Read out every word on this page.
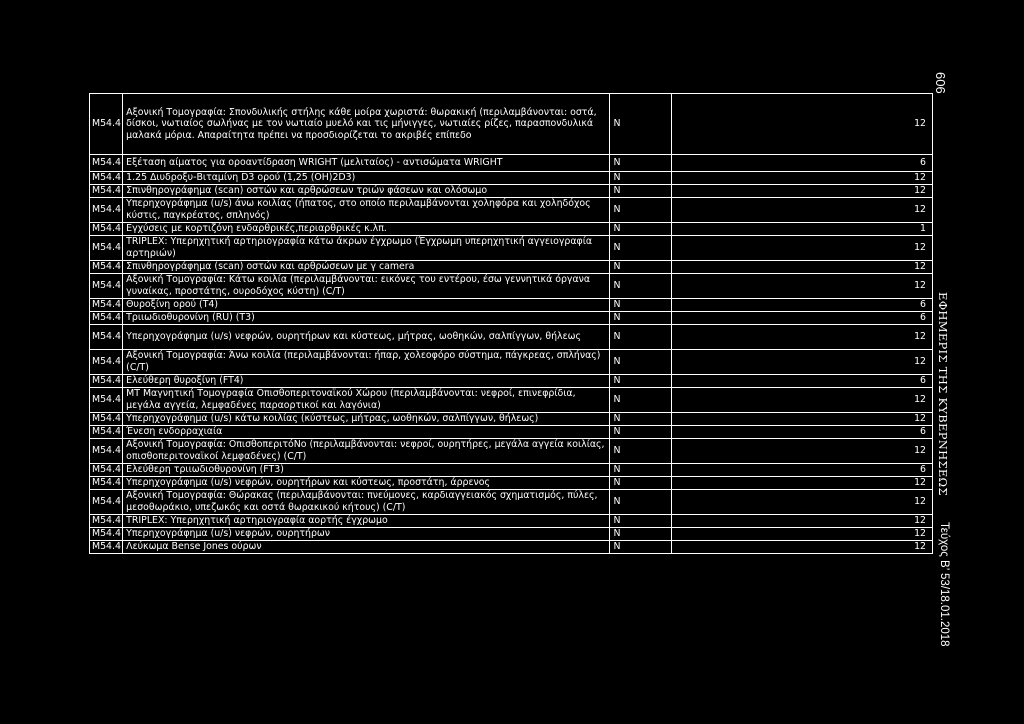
M54.4	Αξονική Τομογραφία: Σπονδυλικής στήλης κάθε μοίρα χωριστά: θωρακική (περιλαμβάνονται: οστά, δίσκοι, νωτιαίος σωλήνας με τον νωτιαίο μυελό και τις μήνιγγες, νωτιαίες ρίζες, παρασπονδυλικά μαλακά μόρια. Απαραίτητα πρέπει να προσδιορίζεται το ακριβές επίπεδο	N	12
M54.4	Εξέταση αίματος για οροαντίδραση WRIGHT (μελιταίος) - αντισώματα WRIGHT	N	6
M54.4	1.25 Διυδροξυ-Βιταμίνη D3 ορού (1,25 (OH)2D3)	N	12
M54.4	Σπινθηρογράφημα (scan) οστών και αρθρώσεων τριών φάσεων και ολόσωμο	N	12
M54.4	Υπερηχογράφημα (u/s) άνω κοιλίας (ήπατος, στο οποίο περιλαμβάνονται χοληφόρα και χοληδόχος κύστις, παγκρέατος, σπληνός)	N	12
M54.4	Εγχύσεις με κορτιζόνη ενδαρθρικές,περιαρθρικές κ.λπ.	N	1
M54.4	TRIPLEX: Υπερηχητική αρτηριογραφία κάτω άκρων έγχρωμο (Έγχρωμη υπερηχητική αγγειογραφία αρτηριών)	N	12
M54.4	Σπινθηρογράφημα (scan) οστών και αρθρώσεων με γ camera	N	12
M54.4	Αξονική Τομογραφία: Κάτω κοιλία (περιλαμβάνονται: εικόνες του εντέρου, έσω γεννητικά όργανα γυναίκας, προστάτης, ουροδόχος κύστη) (C/T)	N	12
M54.4	Θυροξίνη ορού (T4)	N	6
M54.4	Τριιωδιοθυρονίνη (RU) (T3)	N	6
M54.4	Υπερηχογράφημα (u/s) νεφρών, ουρητήρων και κύστεως, μήτρας, ωοθηκών, σαλπίγγων, θήλεως	N	12
M54.4	Αξονική Τομογραφία: Άνω κοιλία (περιλαμβάνονται: ήπαρ, χολεοφόρο σύστημα, πάγκρεας, σπλήνας) (C/T)	N	12
M54.4	Ελεύθερη θυροξίνη (FT4)	N	6
M54.4	MT Μαγνητική Τομογραφία Οπισθοπεριτοναϊκού Χώρου (περιλαμβάνονται: νεφροί, επινεφρίδια, μεγάλα αγγεία, λεμφαδένες παραορτικοί και λαγόνια)	N	12
M54.4	Υπερηχογράφημα (u/s) κάτω κοιλίας (κύστεως, μήτρας, ωοθηκών, σαλπίγγων, θήλεως)	N	12
M54.4	Ένεση ενδορραχιαία	N	6
M54.4	Αξονική Τομογραφία: ΟπισθοπεριτόΝο (περιλαμβάνονται: νεφροί, ουρητήρες, μεγάλα αγγεία κοιλίας, οπισθοπεριτοναϊκοί λεμφαδένες) (C/T)	N	12
M54.4	Ελεύθερη τριιωδιοθυρονίνη (FT3)	N	6
M54.4	Υπερηχογράφημα (u/s) νεφρών, ουρητήρων και κύστεως, προστάτη, άρρενος	N	12
M54.4	Αξονική Τομογραφία: Θώρακας (περιλαμβάνονται: πνεύμονες, καρδιαγγειακός σχηματισμός, πύλες, μεσοθωράκιο, υπεζωκός και οστά θωρακικού κήτους) (C/T)	N	12
M54.4	TRIPLEX: Υπερηχητική αρτηριογραφία αορτής έγχρωμο	N	12
M54.4	Υπερηχογράφημα (u/s) νεφρών, ουρητήρων	N	12
M54.4	Λεύκωμα Bense Jones ούρων	N	12
606
ΕΦΗΜΕΡΙΣ ΤΗΣ ΚΥΒΕΡΝΗΣΕΩΣ
Τεύχος Β’ 53/18.01.2018
